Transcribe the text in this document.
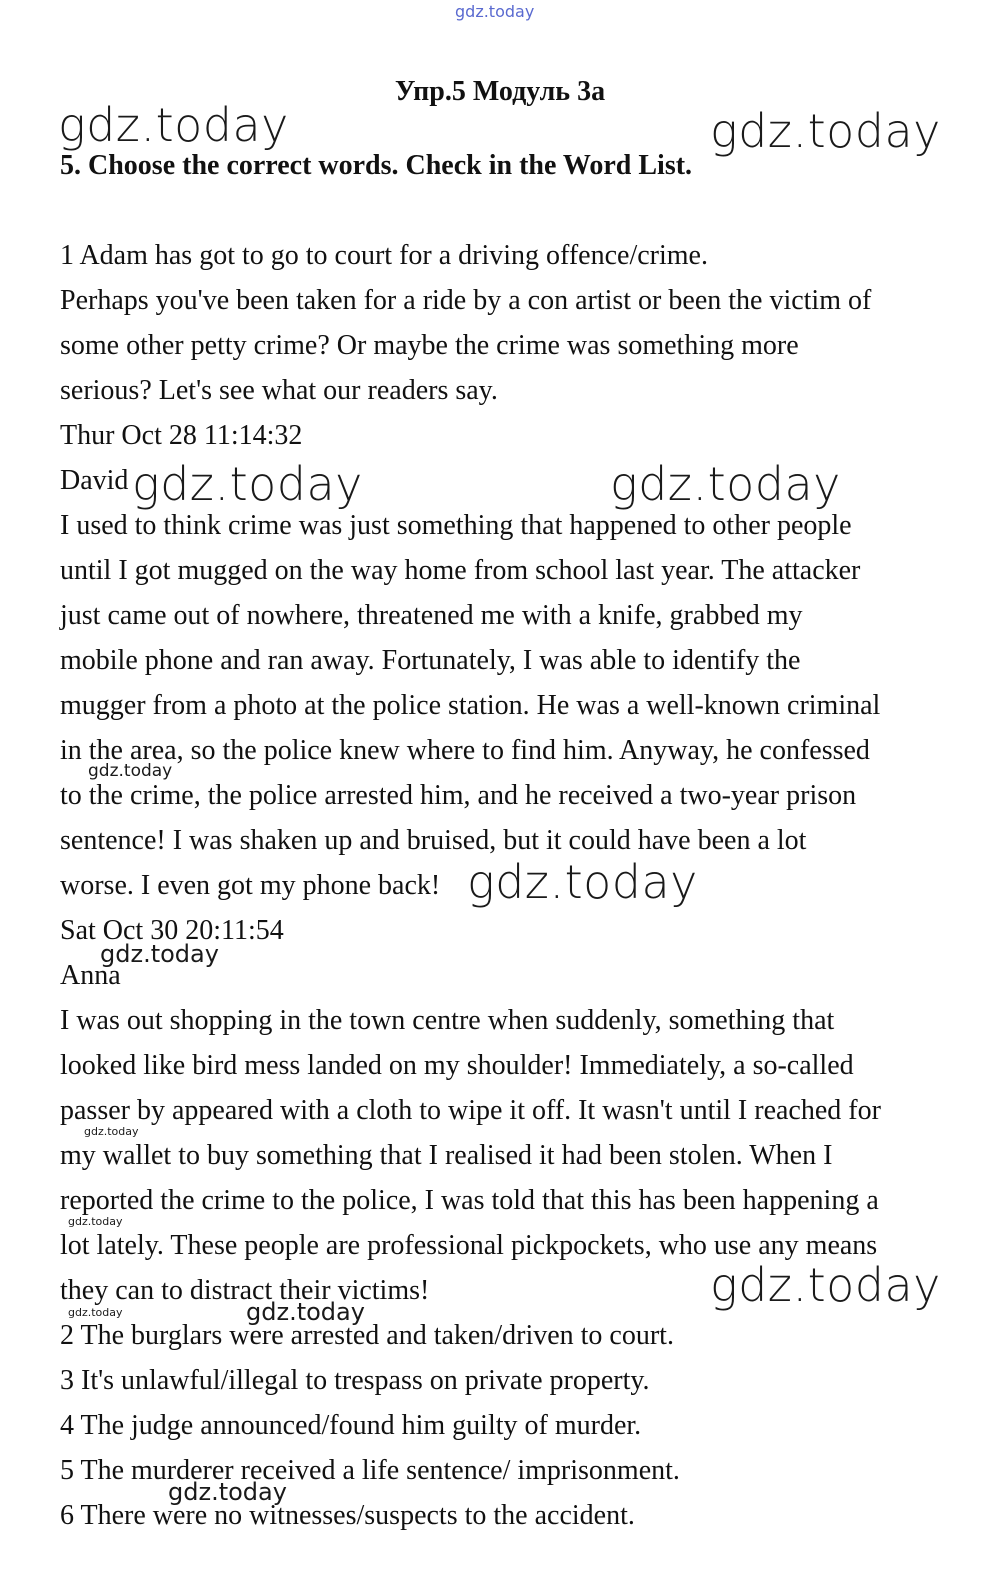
gdz.today
Упр.5 Модуль 3а
5. Choose the correct words. Check in the Word List.
1 Adam has got to go to court for a driving offence/crime.
Perhaps you've been taken for a ride by a con artist or been the victim of
some other petty crime? Or maybe the crime was something more
serious? Let's see what our readers say.
Thur Oct 28 11:14:32
David
I used to think crime was just something that happened to other people
until I got mugged on the way home from school last year. The attacker
just came out of nowhere, threatened me with a knife, grabbed my
mobile phone and ran away. Fortunately, I was able to identify the
mugger from a photo at the police station. He was a well-known criminal
in the area, so the police knew where to find him. Anyway, he confessed
to the crime, the police arrested him, and he received a two-year prison
sentence! I was shaken up and bruised, but it could have been a lot
worse. I even got my phone back!
Sat Oct 30 20:11:54
Anna
I was out shopping in the town centre when suddenly, something that
looked like bird mess landed on my shoulder! Immediately, a so-called
passer by appeared with a cloth to wipe it off. It wasn't until I reached for
my wallet to buy something that I realised it had been stolen. When I
reported the crime to the police, I was told that this has been happening a
lot lately. These people are professional pickpockets, who use any means
they can to distract their victims!
2 The burglars were arrested and taken/driven to court.
3 It's unlawful/illegal to trespass on private property.
4 The judge announced/found him guilty of murder.
5 The murderer received a life sentence/ imprisonment.
6 There were no witnesses/suspects to the accident.
gdz.today	gdz.today
gdz.today	gdz.today
gdz.today
gdz.today
gdz.today
gdz.today
gdz.today
gdz.today
gdz.today	gdz.today
gdz.today
